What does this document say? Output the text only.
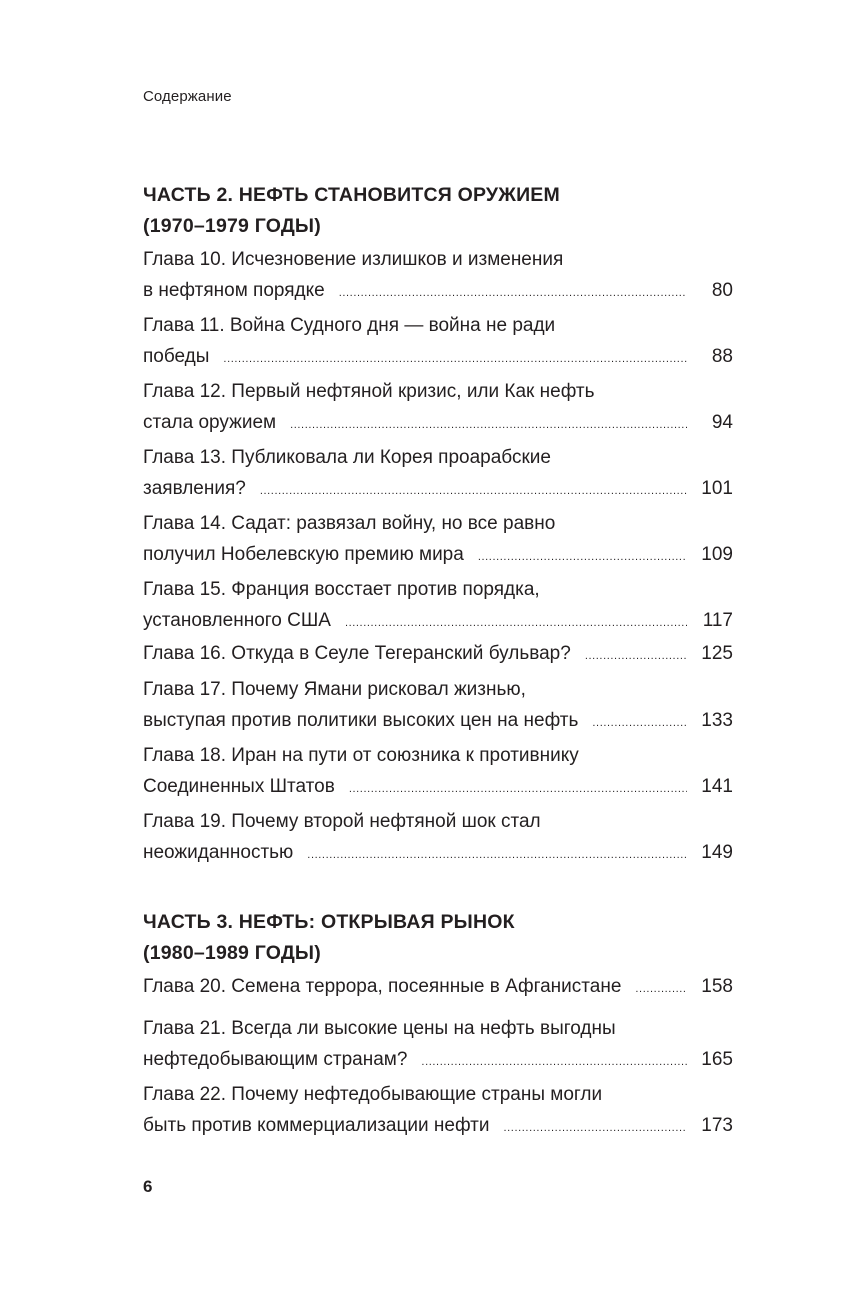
Содержание
ЧАСТЬ 2. НЕФТЬ СТАНОВИТСЯ ОРУЖИЕМ
(1970–1979 ГОДЫ)
Глава 10. Исчезновение излишков и изменения
в нефтяном порядке .....	80
Глава 11. Война Судного дня — война не ради
победы .....	88
Глава 12. Первый нефтяной кризис, или Как нефть
стала оружием .....	94
Глава 13. Публиковала ли Корея проарабские
заявления? .....	101
Глава 14. Садат: развязал войну, но все равно
получил Нобелевскую премию мира .....	109
Глава 15. Франция восстает против порядка,
установленного США .....	117
Глава 16. Откуда в Сеуле Тегеранский бульвар? .....	125
Глава 17. Почему Ямани рисковал жизнью,
выступая против политики высоких цен на нефть .....	133
Глава 18. Иран на пути от союзника к противнику
Соединенных Штатов .....	141
Глава 19. Почему второй нефтяной шок стал
неожиданностью .....	149
ЧАСТЬ 3. НЕФТЬ: ОТКРЫВАЯ РЫНОК
(1980–1989 ГОДЫ)
Глава 20. Семена террора, посеянные в Афганистане .....	158
Глава 21. Всегда ли высокие цены на нефть выгодны
нефтедобывающим странам? .....	165
Глава 22. Почему нефтедобывающие страны могли
быть против коммерциализации нефти .....	173
6
